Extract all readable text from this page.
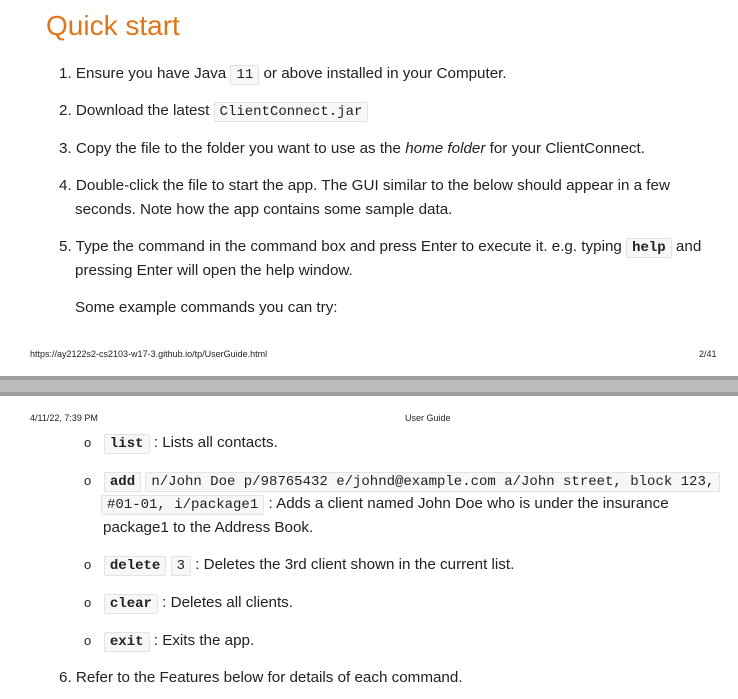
Quick start
1. Ensure you have Java 11 or above installed in your Computer.
2. Download the latest ClientConnect.jar
3. Copy the file to the folder you want to use as the home folder for your ClientConnect.
4. Double-click the file to start the app. The GUI similar to the below should appear in a few
seconds. Note how the app contains some sample data.
5. Type the command in the command box and press Enter to execute it. e.g. typing help and
pressing Enter will open the help window.
Some example commands you can try:
https://ay2122s2-cs2103-w17-3.github.io/tp/UserGuide.html	2/41
4/11/22, 7:39 PM	User Guide
o list : Lists all contacts.
o add n/John Doe p/98765432 e/johnd@example.com a/John street, block 123,
#01-01, i/package1 : Adds a client named John Doe who is under the insurance
package1 to the Address Book.
o delete 3 : Deletes the 3rd client shown in the current list.
o clear : Deletes all clients.
o exit : Exits the app.
6. Refer to the Features below for details of each command.
